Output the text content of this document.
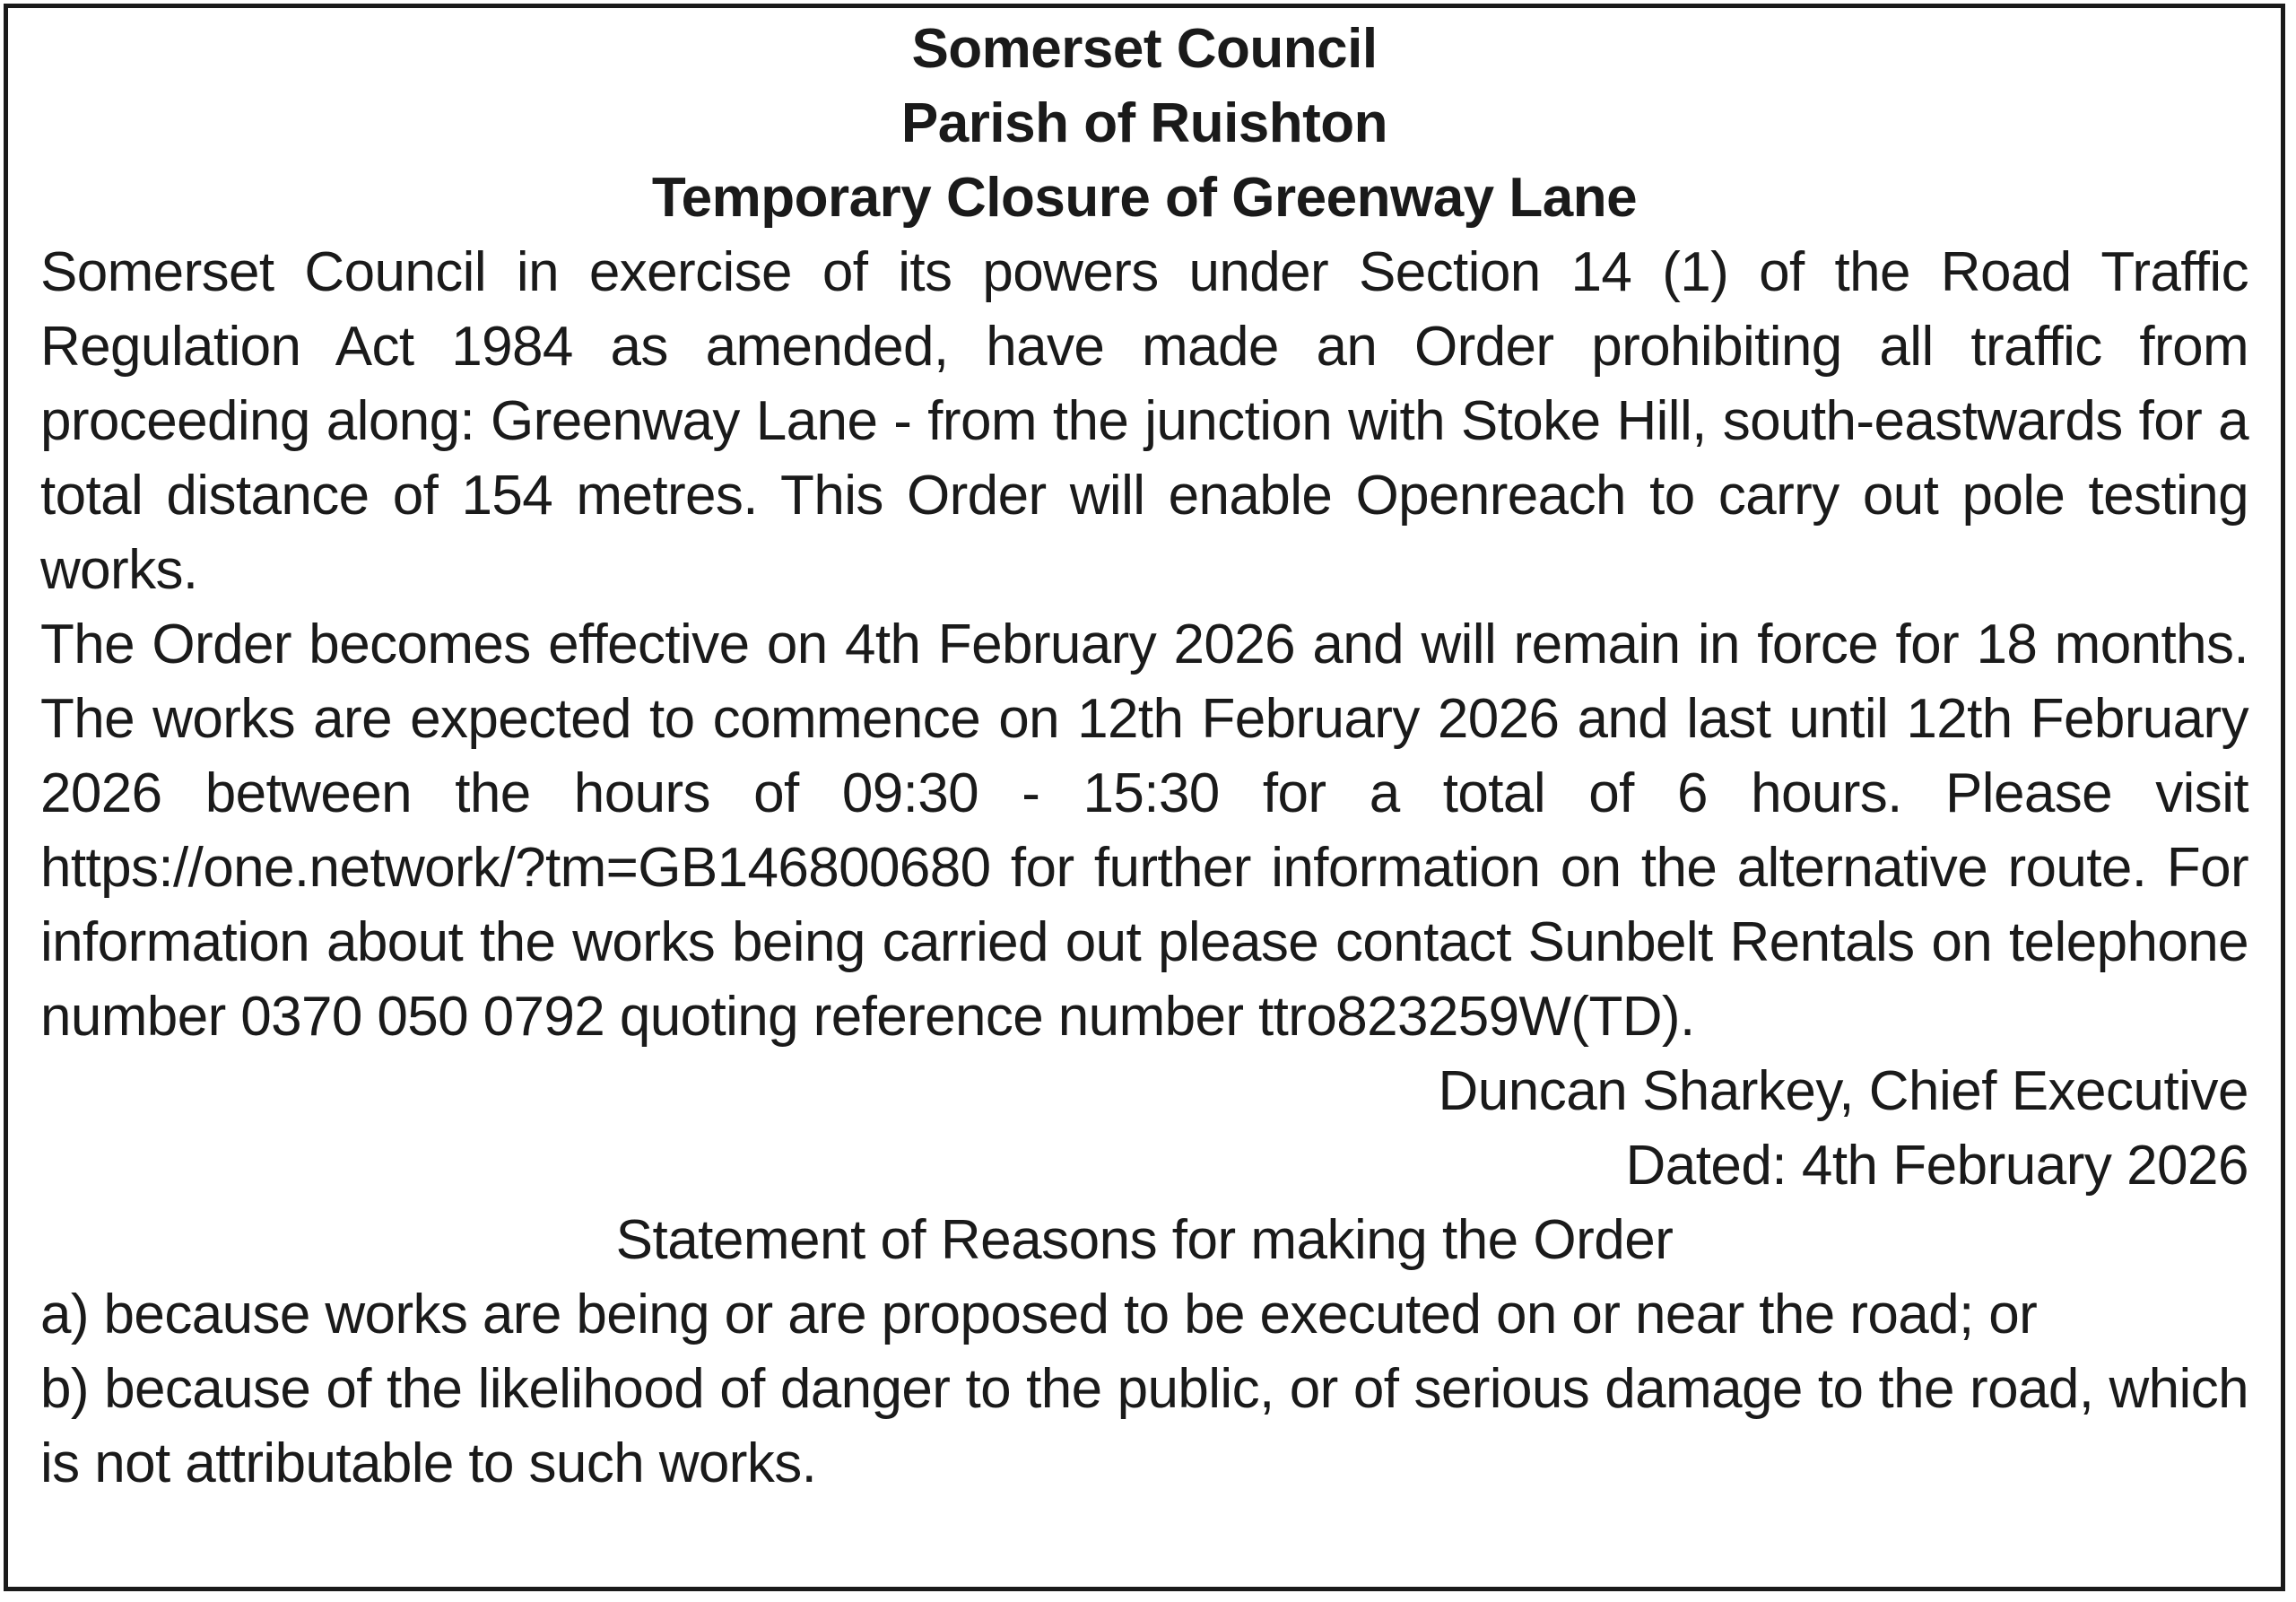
Somerset Council

Parish of Ruishton

Temporary Closure of Greenway Lane

Somerset Council in exercise of its powers under Section 14 (1) of the Road Traffic Regulation Act 1984 as amended, have made an Order prohibiting all traffic from proceeding along: Greenway Lane - from the junction with Stoke Hill, south-eastwards for a total distance of 154 metres. This Order will enable Openreach to carry out pole testing works.

The Order becomes effective on 4th February 2026 and will remain in force for 18 months. The works are expected to commence on 12th February 2026 and last until 12th February 2026 between the hours of 09:30 - 15:30 for a total of 6 hours. Please visit https://one.network/?tm=GB146800680 for further information on the alternative route. For information about the works being carried out please contact Sunbelt Rentals on telephone number 0370 050 0792 quoting reference number ttro823259W(TD).

Duncan Sharkey, Chief Executive

Dated: 4th February 2026

Statement of Reasons for making the Order

a) because works are being or are proposed to be executed on or near the road; or

b) because of the likelihood of danger to the public, or of serious damage to the road, which is not attributable to such works.
